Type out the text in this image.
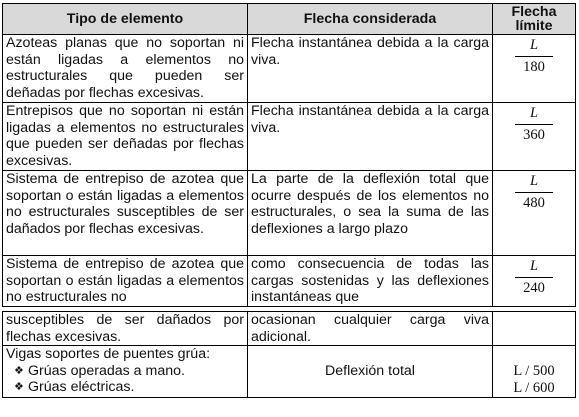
Tipo de elemento	Flecha considerada	Flecha
límite
Azoteas planas que no soportan ni están ligadas a elementos no estructurales que pueden ser deñadas por flechas excesivas.	Flecha instantánea debida a la carga viva.	$\frac{L}{180}$

Entrepisos que no soportan ni están ligadas a elementos no estructurales que pueden ser deñadas por flechas excesivas.	Flecha instantánea debida a la carga viva.	$\frac{L}{360}$

Sistema de entrepiso de azotea que soportan o están ligadas a elementos no estructurales susceptibles de ser dañados por flechas excesivas.	La parte de la deflexión total que ocurre después de los elementos no estructurales, o sea la suma de las deflexiones a largo plazo	$\frac{L}{480}$

Sistema de entrepiso de azotea que soportan o están ligadas a elementos no estructurales no	como consecuencia de todas las cargas sostenidas y las deflexiones instantáneas que	$\frac{L}{240}$

susceptibles de ser dañados por flechas excesivas.	ocasionan cualquier carga viva adicional.	
Vigas soportes de puentes grúa:
❖ Grúas operadas a mano.
❖ Grúas eléctricas.	Deflexión total	L / 500
L / 600
